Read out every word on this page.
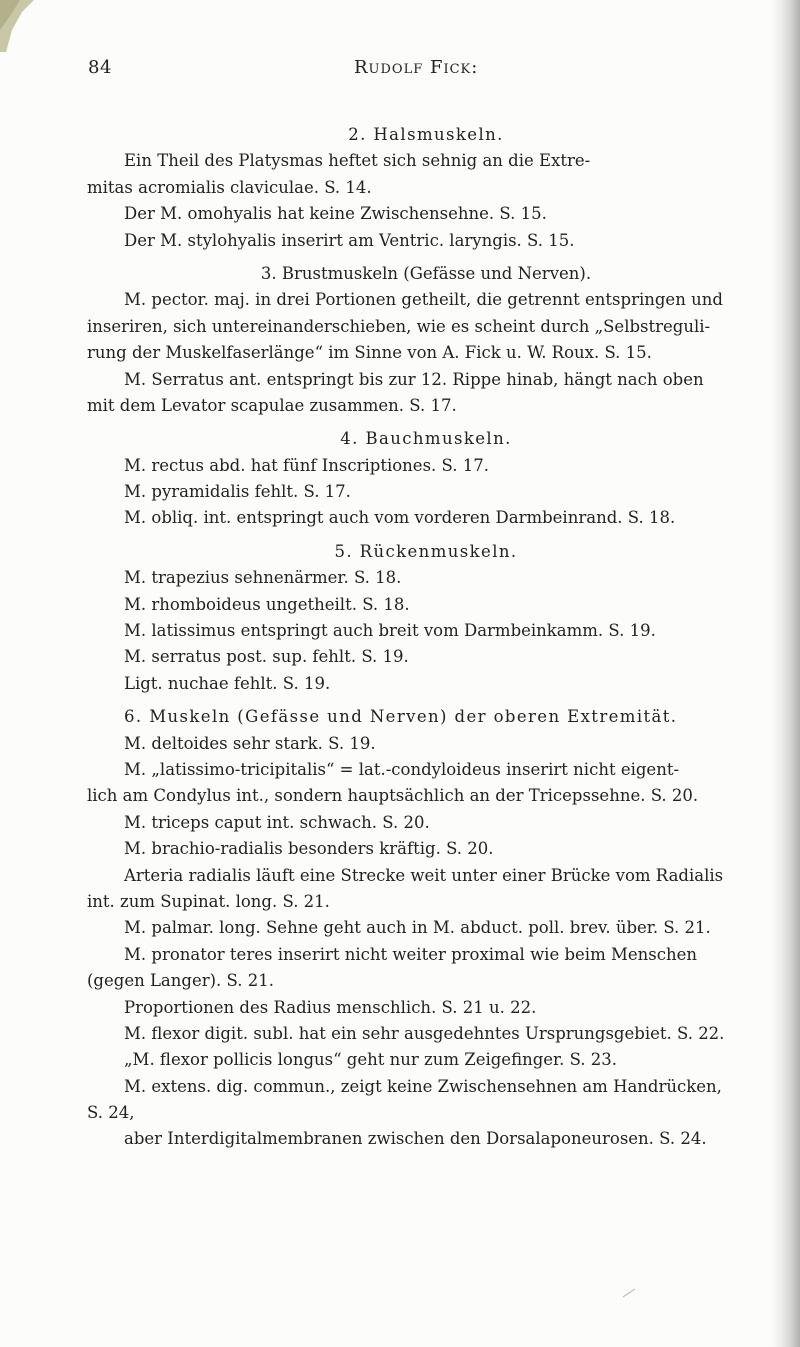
84	Rudolf Fick:
2. Halsmuskeln.
Ein Theil des Platysmas heftet sich sehnig an die Extre-
mitas acromialis claviculae. S. 14.
Der M. omohyalis hat keine Zwischensehne. S. 15.
Der M. stylohyalis inserirt am Ventric. laryngis. S. 15.
3. Brustmuskeln (Gefässe und Nerven).
M. pector. maj. in drei Portionen getheilt, die getrennt entspringen und
inseriren, sich untereinanderschieben, wie es scheint durch „Selbstreguli-
rung der Muskelfaserlänge“ im Sinne von A. Fick u. W. Roux. S. 15.
M. Serratus ant. entspringt bis zur 12. Rippe hinab, hängt nach oben
mit dem Levator scapulae zusammen. S. 17.
4. Bauchmuskeln.
M. rectus abd. hat fünf Inscriptiones. S. 17.
M. pyramidalis fehlt. S. 17.
M. obliq. int. entspringt auch vom vorderen Darmbeinrand. S. 18.
5. Rückenmuskeln.
M. trapezius sehnenärmer. S. 18.
M. rhomboideus ungetheilt. S. 18.
M. latissimus entspringt auch breit vom Darmbeinkamm. S. 19.
M. serratus post. sup. fehlt. S. 19.
Ligt. nuchae fehlt. S. 19.
6. Muskeln (Gefässe und Nerven) der oberen Extremität.
M. deltoides sehr stark. S. 19.
M. „latissimo-tricipitalis“ = lat.-condyloideus inserirt nicht eigent-
lich am Condylus int., sondern hauptsächlich an der Tricepssehne. S. 20.
M. triceps caput int. schwach. S. 20.
M. brachio-radialis besonders kräftig. S. 20.
Arteria radialis läuft eine Strecke weit unter einer Brücke vom Radialis
int. zum Supinat. long. S. 21.
M. palmar. long. Sehne geht auch in M. abduct. poll. brev. über. S. 21.
M. pronator teres inserirt nicht weiter proximal wie beim Menschen
(gegen Langer). S. 21.
Proportionen des Radius menschlich. S. 21 u. 22.
M. flexor digit. subl. hat ein sehr ausgedehntes Ursprungsgebiet. S. 22.
„M. flexor pollicis longus“ geht nur zum Zeigefinger. S. 23.
M. extens. dig. commun., zeigt keine Zwischensehnen am Handrücken,
S. 24,
aber Interdigitalmembranen zwischen den Dorsalaponeurosen. S. 24.
